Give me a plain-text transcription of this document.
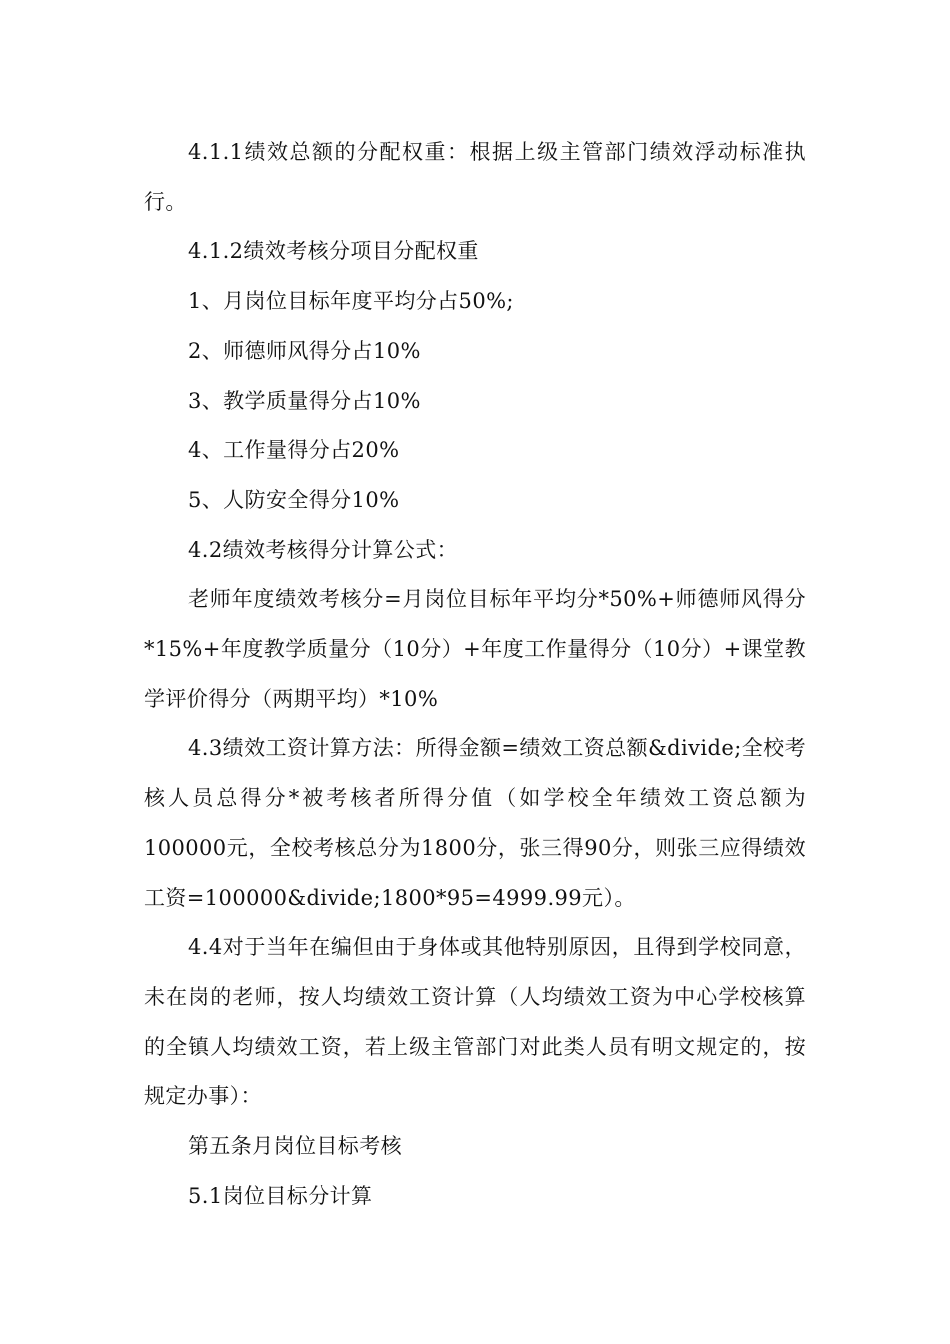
4.1.1绩效总额的分配权重：根据上级主管部门绩效浮动标准执行。

4.1.2绩效考核分项目分配权重

1、月岗位目标年度平均分占50%;

2、师德师风得分占10%

3、教学质量得分占10%

4、工作量得分占20%

5、人防安全得分10%

4.2绩效考核得分计算公式：

老师年度绩效考核分=月岗位目标年平均分*50%+师德师风得分*15%+年度教学质量分（10分）+年度工作量得分（10分）+课堂教学评价得分（两期平均）*10%

4.3绩效工资计算方法：所得金额=绩效工资总额&divide;全校考核人员总得分*被考核者所得分值（如学校全年绩效工资总额为100000元，全校考核总分为1800分，张三得90分，则张三应得绩效工资=100000&divide;1800*95=4999.99元）。

4.4对于当年在编但由于身体或其他特别原因，且得到学校同意，未在岗的老师，按人均绩效工资计算（人均绩效工资为中心学校核算的全镇人均绩效工资，若上级主管部门对此类人员有明文规定的，按规定办事）：

第五条月岗位目标考核

5.1岗位目标分计算
